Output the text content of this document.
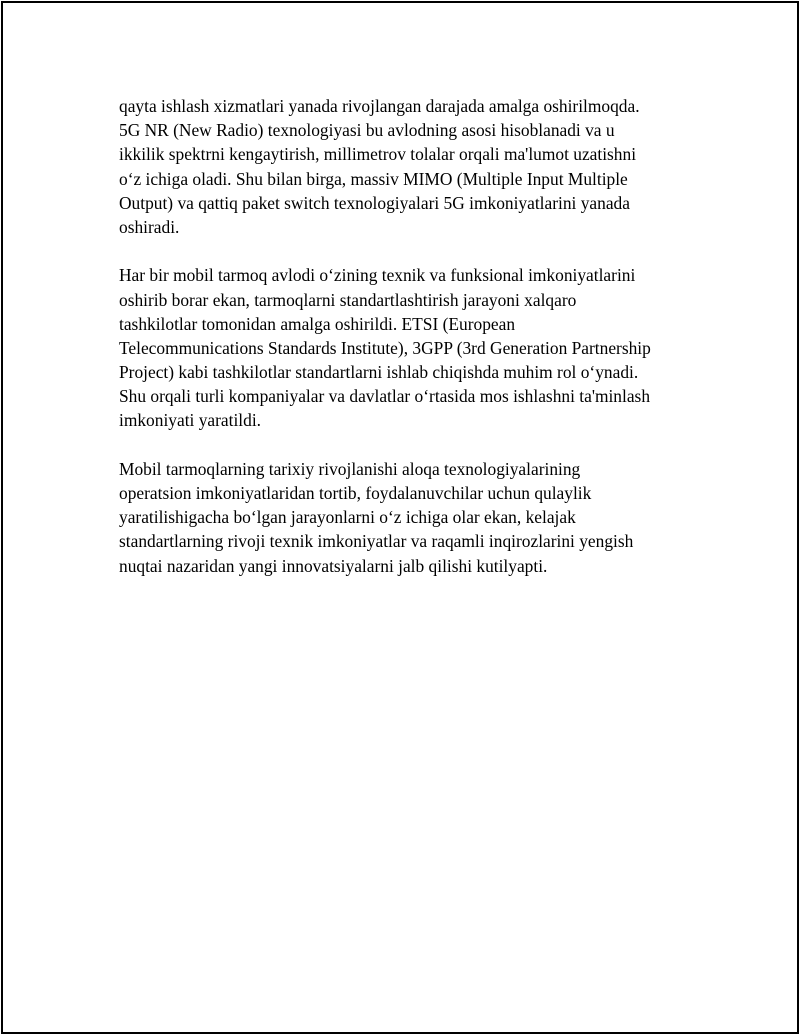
qayta ishlash xizmatlari yanada rivojlangan darajada amalga oshirilmoqda.
5G NR (New Radio) texnologiyasi bu avlodning asosi hisoblanadi va u
ikkilik spektrni kengaytirish, millimetrov tolalar orqali ma'lumot uzatishni
o‘z ichiga oladi. Shu bilan birga, massiv MIMO (Multiple Input Multiple
Output) va qattiq paket switch texnologiyalari 5G imkoniyatlarini yanada
oshiradi.
Har bir mobil tarmoq avlodi o‘zining texnik va funksional imkoniyatlarini
oshirib borar ekan, tarmoqlarni standartlashtirish jarayoni xalqaro
tashkilotlar tomonidan amalga oshirildi. ETSI (European
Telecommunications Standards Institute), 3GPP (3rd Generation Partnership
Project) kabi tashkilotlar standartlarni ishlab chiqishda muhim rol o‘ynadi.
Shu orqali turli kompaniyalar va davlatlar o‘rtasida mos ishlashni ta'minlash
imkoniyati yaratildi.
Mobil tarmoqlarning tarixiy rivojlanishi aloqa texnologiyalarining
operatsion imkoniyatlaridan tortib, foydalanuvchilar uchun qulaylik
yaratilishigacha bo‘lgan jarayonlarni o‘z ichiga olar ekan, kelajak
standartlarning rivoji texnik imkoniyatlar va raqamli inqirozlarini yengish
nuqtai nazaridan yangi innovatsiyalarni jalb qilishi kutilyapti.
